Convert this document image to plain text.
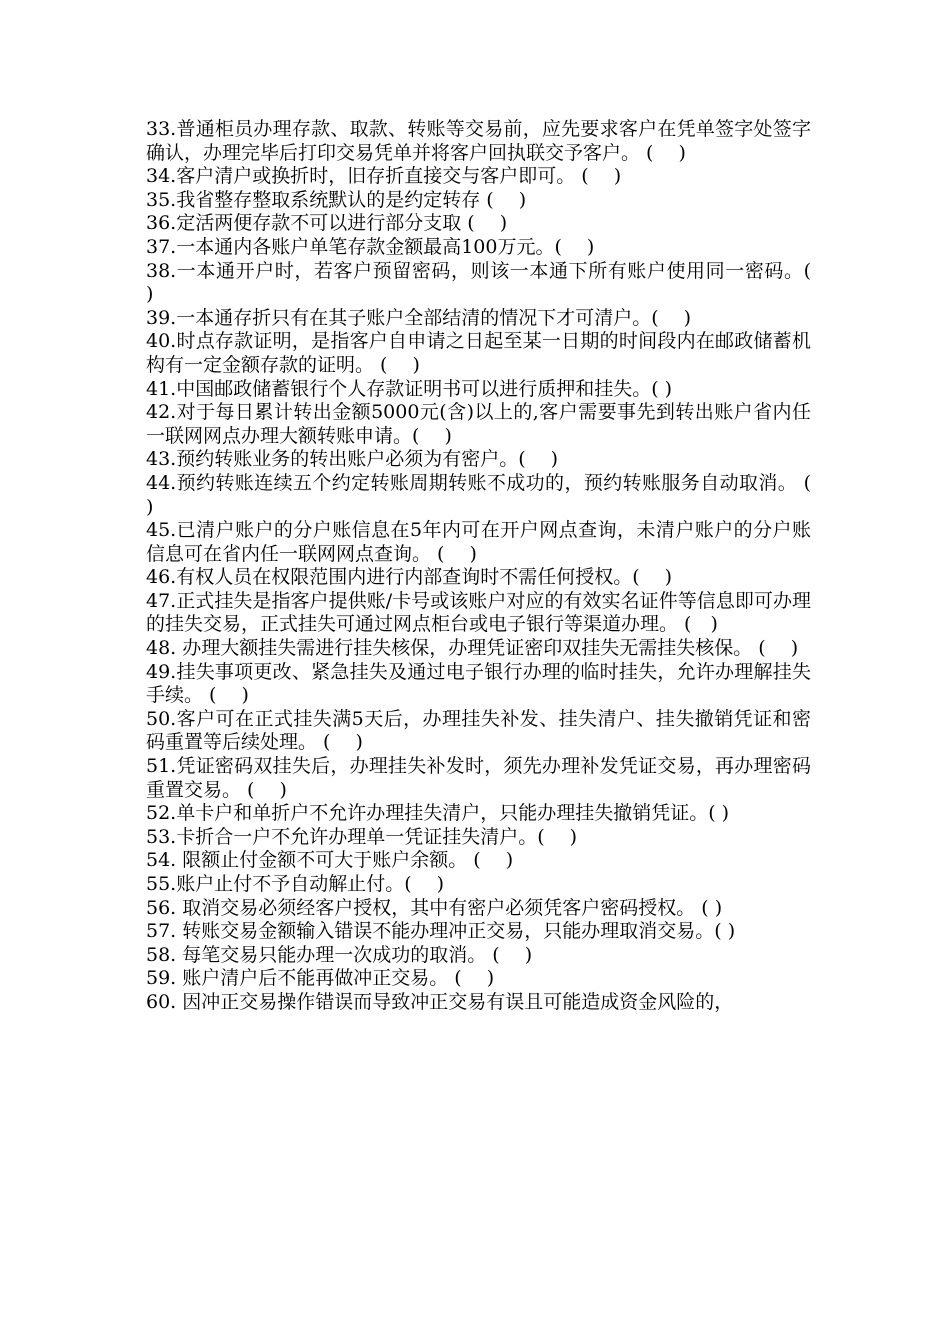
33.普通柜员办理存款、取款、转账等交易前，应先要求客户在凭单签字处签字确认，办理完毕后打印交易凭单并将客户回执联交予客户。 (　 )

34.客户清户或换折时，旧存折直接交与客户即可。 (　 )

35.我省整存整取系统默认的是约定转存 (　 )

36.定活两便存款不可以进行部分支取 (　 )

37.一本通内各账户单笔存款金额最高100万元。(　 )

38.一本通开户时，若客户预留密码，则该一本通下所有账户使用同一密码。(　 )

39.一本通存折只有在其子账户全部结清的情况下才可清户。(　 )

40.时点存款证明，是指客户自申请之日起至某一日期的时间段内在邮政储蓄机构有一定金额存款的证明。 (　 )

41.中国邮政储蓄银行个人存款证明书可以进行质押和挂失。( )

42.对于每日累计转出金额5000元(含)以上的,客户需要事先到转出账户省内任一联网网点办理大额转账申请。(　 )

43.预约转账业务的转出账户必须为有密户。(　 )

44.预约转账连续五个约定转账周期转账不成功的，预约转账服务自动取消。 (　 )

45.已清户账户的分户账信息在5年内可在开户网点查询，未清户账户的分户账信息可在省内任一联网网点查询。 (　 )

46.有权人员在权限范围内进行内部查询时不需任何授权。(　 )

47.正式挂失是指客户提供账/卡号或该账户对应的有效实名证件等信息即可办理的挂失交易，正式挂失可通过网点柜台或电子银行等渠道办理。 (　)

48. 办理大额挂失需进行挂失核保，办理凭证密印双挂失无需挂失核保。 (　 )

49.挂失事项更改、紧急挂失及通过电子银行办理的临时挂失，允许办理解挂失手续。 (　 )

50.客户可在正式挂失满5天后，办理挂失补发、挂失清户、挂失撤销凭证和密码重置等后续处理。 (　 )

51.凭证密码双挂失后，办理挂失补发时，须先办理补发凭证交易，再办理密码重置交易。 (　 )

52.单卡户和单折户不允许办理挂失清户，只能办理挂失撤销凭证。( )

53.卡折合一户不允许办理单一凭证挂失清户。(　 )

54. 限额止付金额不可大于账户余额。 (　 )

55.账户止付不予自动解止付。(　 )

56. 取消交易必须经客户授权，其中有密户必须凭客户密码授权。 ( )

57. 转账交易金额输入错误不能办理冲正交易，只能办理取消交易。( )

58. 每笔交易只能办理一次成功的取消。 (　 )

59. 账户清户后不能再做冲正交易。 (　 )

60. 因冲正交易操作错误而导致冲正交易有误且可能造成资金风险的，
